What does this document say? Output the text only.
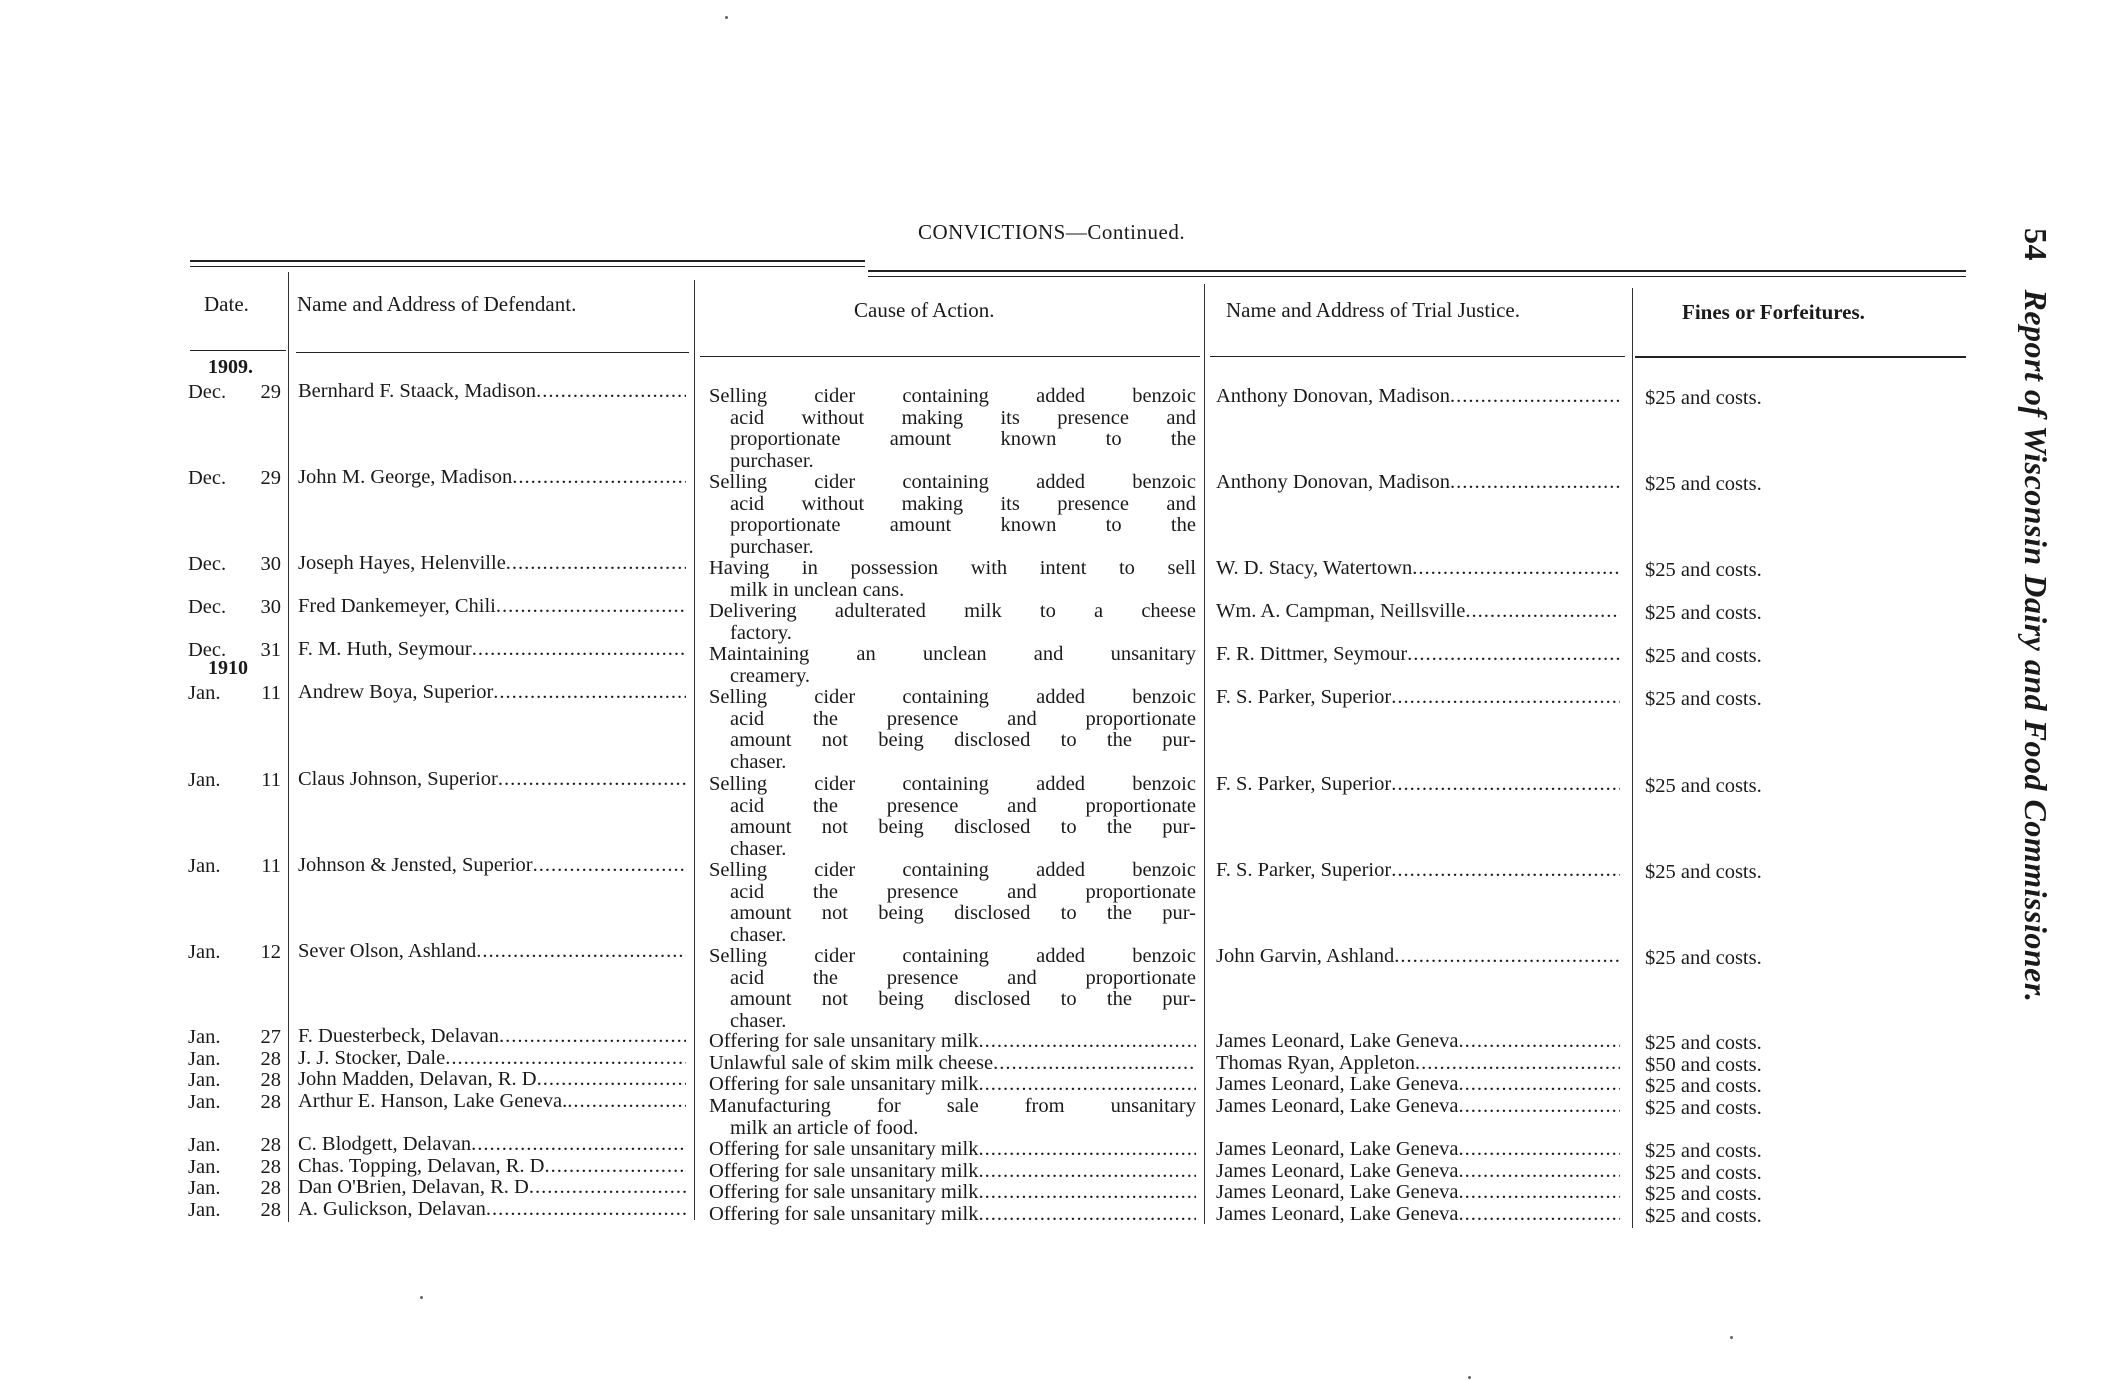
CONVICTIONS—Continued.
Date. Name and Address of Defendant.	Cause of Action.	Name and Address of Trial Justice.	Fines or Forfeitures.
54 Report of Wisconsin Dairy and Food Commissioner.
1909.
1910
Dec.	29 Bernhard F. Staack, Madison .....	Selling cider containing added benzoic
acid without making its presence and
proportionate amount known to the
purchaser.
Anthony Donovan, Madison .....	$25 and costs.
Dec.	29 John M. George, Madison .....	Selling cider containing added benzoic
acid without making its presence and
proportionate amount known to the
purchaser.
Anthony Donovan, Madison .....	$25 and costs.
Dec.	30 Joseph Hayes, Helenville .....	Having in possession with intent to sell
milk in unclean cans.
W. D. Stacy, Watertown .....	$25 and costs.
Dec.	30 Fred Dankemeyer, Chili .....	Delivering adulterated milk to a cheese
factory.
Wm. A. Campman, Neillsville .....	$25 and costs.
Dec.	31 F. M. Huth, Seymour .....	Maintaining an unclean and unsanitary
creamery.
F. R. Dittmer, Seymour .....	$25 and costs.
Jan.	11 Andrew Boya, Superior .....	Selling cider containing added benzoic
acid the presence and proportionate
amount not being disclosed to the pur-
chaser.
F. S. Parker, Superior .....	$25 and costs.
Jan.	11 Claus Johnson, Superior .....	Selling cider containing added benzoic
acid the presence and proportionate
amount not being disclosed to the pur-
chaser.
F. S. Parker, Superior .....	$25 and costs.
Jan.	11 Johnson & Jensted, Superior .....	Selling cider containing added benzoic
acid the presence and proportionate
amount not being disclosed to the pur-
chaser.
F. S. Parker, Superior .....	$25 and costs.
Jan.	12 Sever Olson, Ashland .....	Selling cider containing added benzoic
acid the presence and proportionate
amount not being disclosed to the pur-
chaser.
John Garvin, Ashland .....	$25 and costs.
Jan.	27 F. Duesterbeck, Delavan .....	Offering for sale unsanitary milk .....	James Leonard, Lake Geneva .....	$25 and costs.
Jan.	28 J. J. Stocker, Dale .....	Unlawful sale of skim milk cheese .....	Thomas Ryan, Appleton .....	$50 and costs.
Jan.	28 John Madden, Delavan, R. D .....	Offering for sale unsanitary milk .....	James Leonard, Lake Geneva .....	$25 and costs.
Jan.	28 Arthur E. Hanson, Lake Geneva. .....	Manufacturing for sale from unsanitary
milk an article of food.
James Leonard, Lake Geneva .....	$25 and costs.
Jan.	28 C. Blodgett, Delavan .....	Offering for sale unsanitary milk .....	James Leonard, Lake Geneva .....	$25 and costs.
Jan.	28 Chas. Topping, Delavan, R. D .....	Offering for sale unsanitary milk .....	James Leonard, Lake Geneva .....	$25 and costs.
Jan.	28 Dan O'Brien, Delavan, R. D .....	Offering for sale unsanitary milk .....	James Leonard, Lake Geneva .....	$25 and costs.
Jan.	28 A. Gulickson, Delavan .....	Offering for sale unsanitary milk .....	James Leonard, Lake Geneva .....	$25 and costs.
